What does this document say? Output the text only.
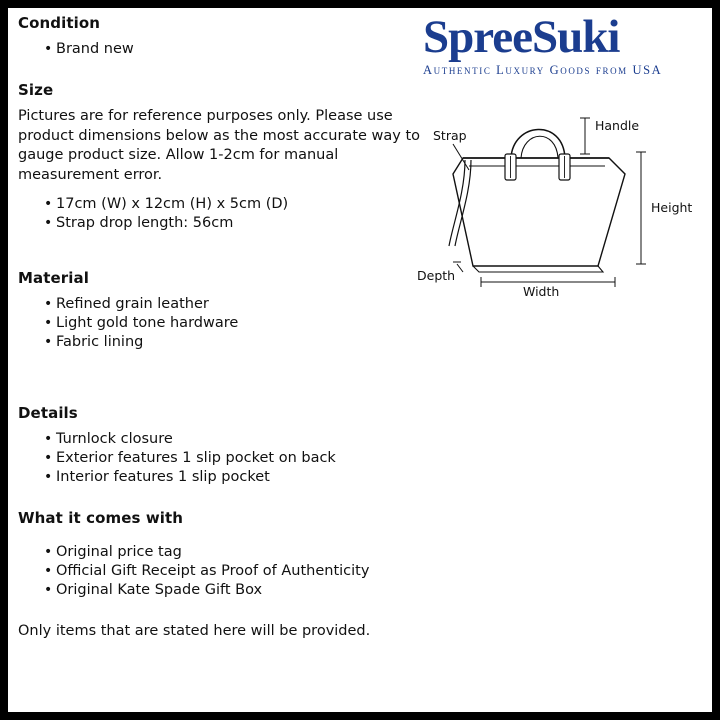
SpreeSuki
Authentic Luxury Goods from USA
Handle
Height
Width
Depth
Strap
Condition
• Brand new
Size

Pictures are for reference purposes only. Please use product dimensions below as the most accurate way to gauge product size. Allow 1-2cm for manual measurement error.

• 17cm (W) x 12cm (H) x 5cm (D)
• Strap drop length: 56cm
Material
• Refined grain leather
• Light gold tone hardware
• Fabric lining
Details
• Turnlock closure
• Exterior features 1 slip pocket on back
• Interior features 1 slip pocket
What it comes with
• Original price tag
• Official Gift Receipt as Proof of Authenticity
• Original Kate Spade Gift Box

Only items that are stated here will be provided.
